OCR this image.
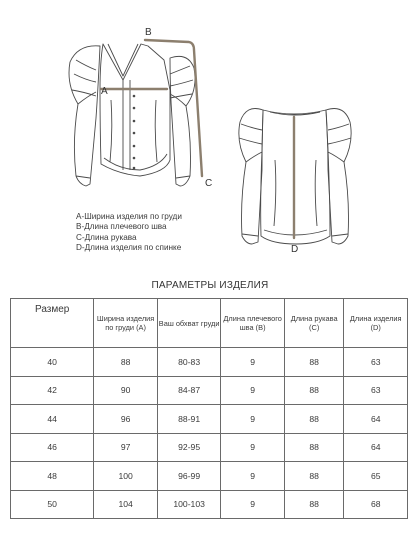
A
B
C
D
A-Ширина изделия по груди
B-Длина плечевого шва
C-Длина рукава
D-Длина изделия по спинке
ПАРАМЕТРЫ ИЗДЕЛИЯ
Размер	Ширина изделия по груди (А)	Ваш обхват груди	Длина плечевого шва (В)	Длина рукава (С)	Длина изделия (D)
40	88	80-83	9	88	63
42	90	84-87	9	88	63
44	96	88-91	9	88	64
46	97	92-95	9	88	64
48	100	96-99	9	88	65
50	104	100-103	9	88	68
